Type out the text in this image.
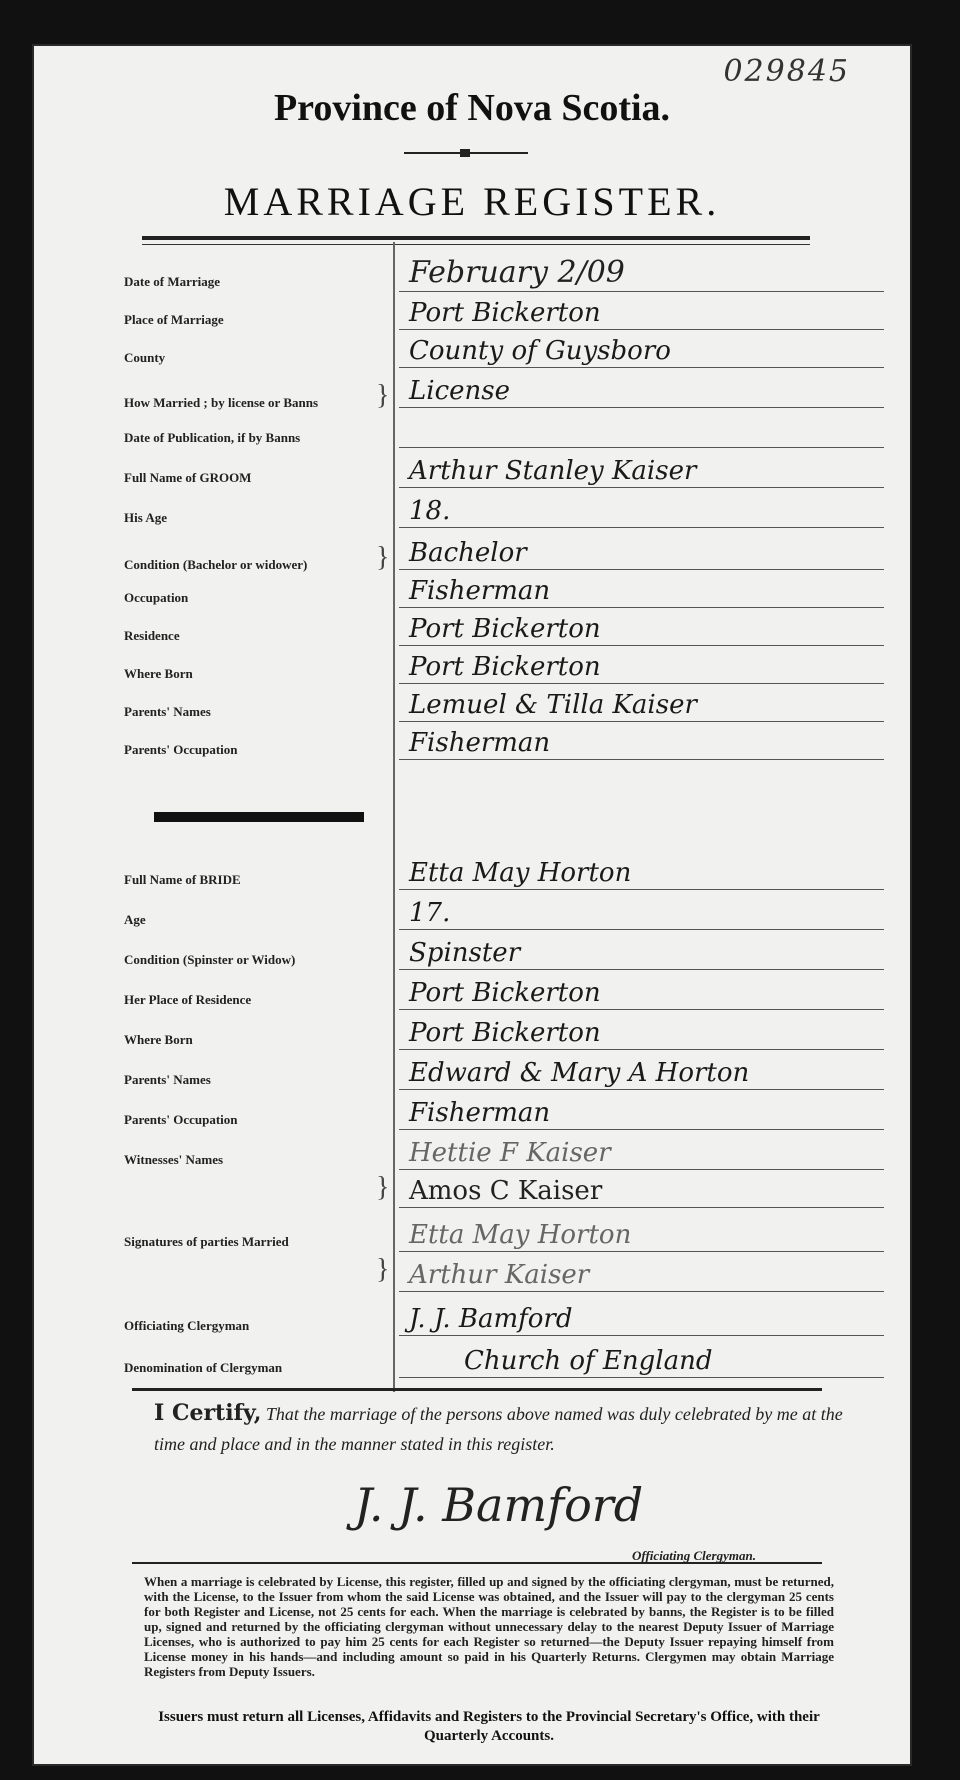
029845
Province of Nova Scotia.
MARRIAGE REGISTER.
Date of Marriage	February 2/09
Place of Marriage	Port Bickerton
County	County of Guysboro
How Married ; by license or Banns } License
Date of Publication, if by Banns
Full Name of GROOM	Arthur Stanley Kaiser
His Age	18.
Condition (Bachelor or widower)	} Bachelor
Occupation	Fisherman
Residence	Port Bickerton
Where Born	Port Bickerton
Parents' Names	Lemuel & Tilla Kaiser
Parents' Occupation	Fisherman
Full Name of BRIDE	Etta May Horton
Age	17.
Condition (Spinster or Widow)	Spinster
Her Place of Residence	Port Bickerton
Where Born	Port Bickerton
Parents' Names	Edward & Mary A Horton
Parents' Occupation	Fisherman
Witnesses' Names	Hettie F Kaiser
} Amos C Kaiser
Signatures of parties Married	Etta May Horton
} Arthur Kaiser
Officiating Clergyman	J. J. Bamford
Denomination of Clergyman	Church of England
I Certify, That the marriage of the persons above named was duly celebrated by me at the time and place and in the manner stated in this register.
J. J. Bamford
Officiating Clergyman.
When a marriage is celebrated by License, this register, filled up and signed by the officiating clergyman, must be returned, with the License, to the Issuer from whom the said License was obtained, and the Issuer will pay to the clergyman 25 cents for both Register and License, not 25 cents for each. When the marriage is celebrated by banns, the Register is to be filled up, signed and returned by the officiating clergyman without unnecessary delay to the nearest Deputy Issuer of Marriage Licenses, who is authorized to pay him 25 cents for each Register so returned—the Deputy Issuer repaying himself from License money in his hands—and including amount so paid in his Quarterly Returns. Clergymen may obtain Marriage Registers from Deputy Issuers.
Issuers must return all Licenses, Affidavits and Registers to the Provincial Secretary's Office, with their Quarterly Accounts.
